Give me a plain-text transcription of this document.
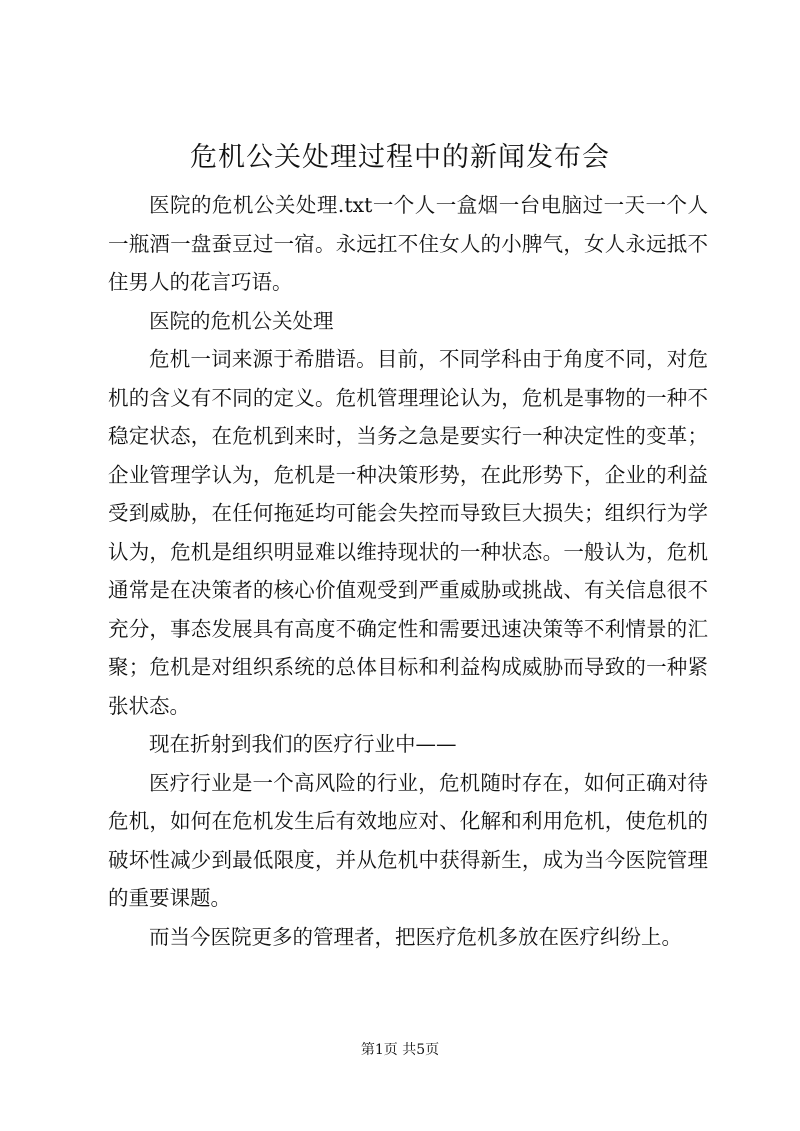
危机公关处理过程中的新闻发布会

医院的危机公关处理.txt一个人一盒烟一台电脑过一天一个人一瓶酒一盘蚕豆过一宿。永远扛不住女人的小脾气，女人永远抵不住男人的花言巧语。

医院的危机公关处理

危机一词来源于希腊语。目前，不同学科由于角度不同，对危机的含义有不同的定义。危机管理理论认为，危机是事物的一种不稳定状态，在危机到来时，当务之急是要实行一种决定性的变革；企业管理学认为，危机是一种决策形势，在此形势下，企业的利益受到威胁，在任何拖延均可能会失控而导致巨大损失；组织行为学认为，危机是组织明显难以维持现状的一种状态。一般认为，危机通常是在决策者的核心价值观受到严重威胁或挑战、有关信息很不充分，事态发展具有高度不确定性和需要迅速决策等不利情景的汇聚；危机是对组织系统的总体目标和利益构成威胁而导致的一种紧张状态。

现在折射到我们的医疗行业中——

医疗行业是一个高风险的行业，危机随时存在，如何正确对待危机，如何在危机发生后有效地应对、化解和利用危机，使危机的破坏性减少到最低限度，并从危机中获得新生，成为当今医院管理的重要课题。

而当今医院更多的管理者，把医疗危机多放在医疗纠纷上。

第1页 共5页
